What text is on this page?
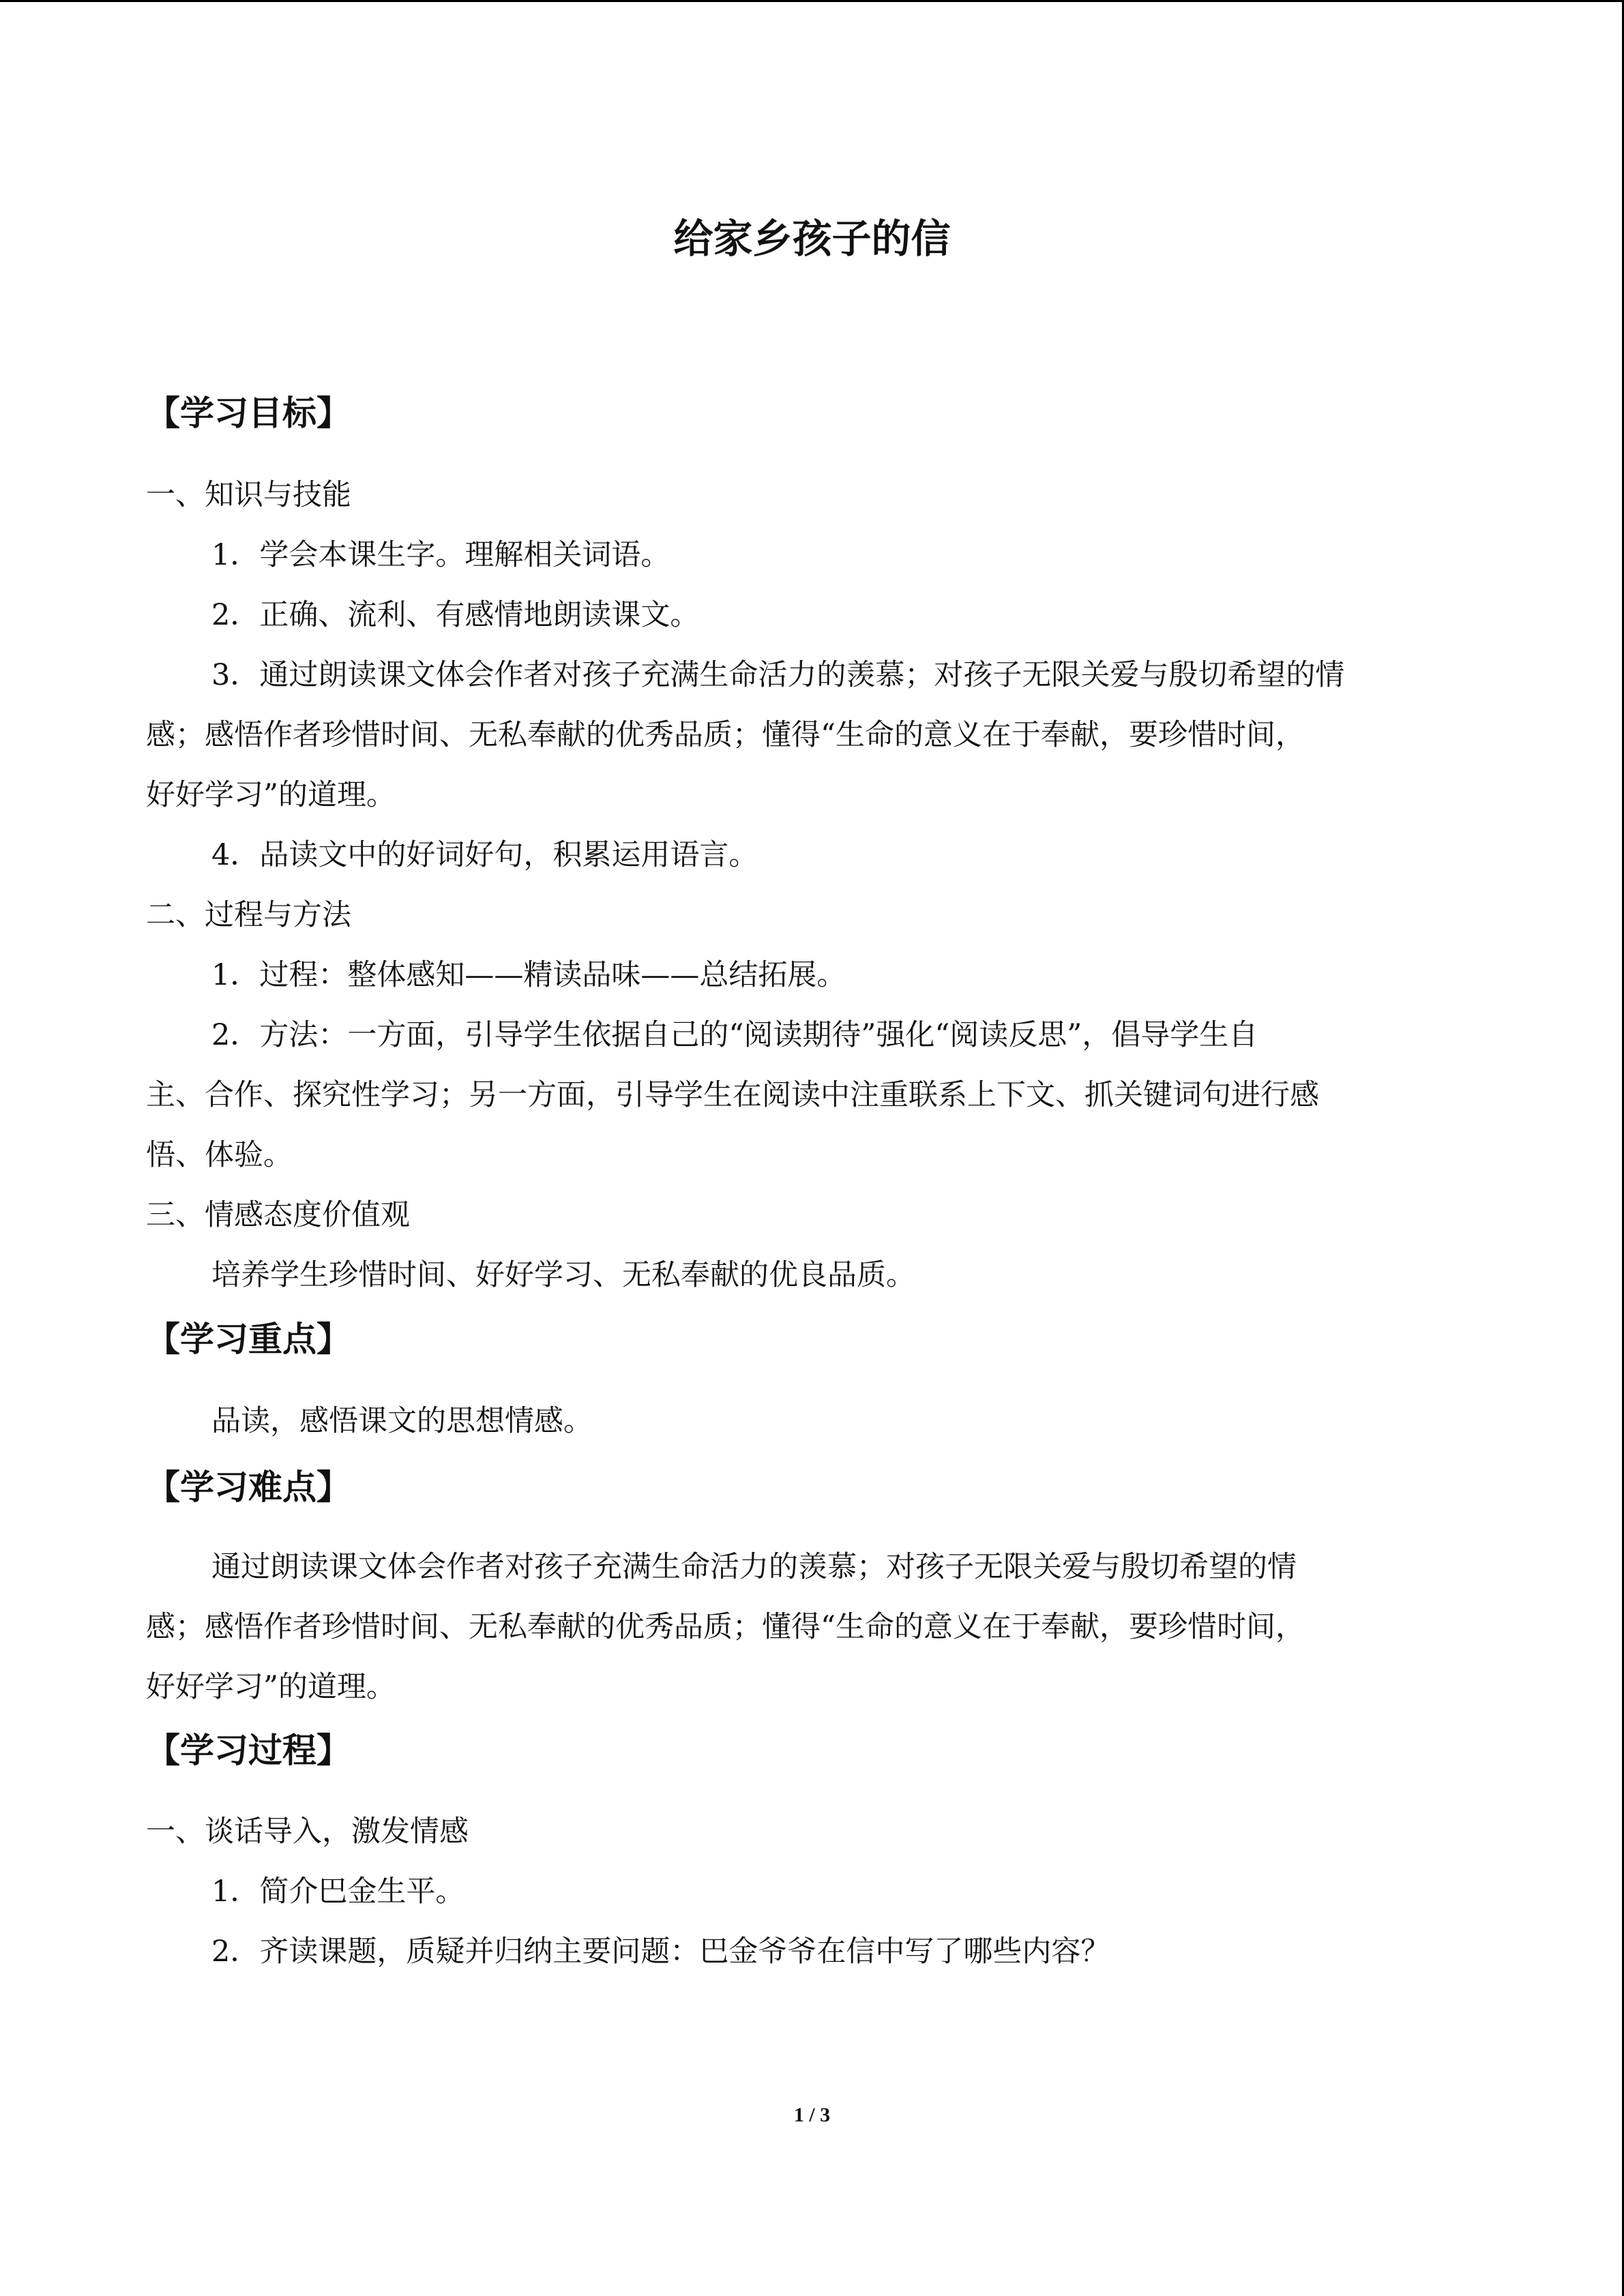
给家乡孩子的信
【学习目标】
一、知识与技能
1．学会本课生字。理解相关词语。
2．正确、流利、有感情地朗读课文。
3．通过朗读课文体会作者对孩子充满生命活力的羡慕；对孩子无限关爱与殷切希望的情
感；感悟作者珍惜时间、无私奉献的优秀品质；懂得“生命的意义在于奉献，要珍惜时间，
好好学习”的道理。
4．品读文中的好词好句，积累运用语言。
二、过程与方法
1．过程：整体感知——精读品味——总结拓展。
2．方法：一方面，引导学生依据自己的“阅读期待”强化“阅读反思”，倡导学生自
主、合作、探究性学习；另一方面，引导学生在阅读中注重联系上下文、抓关键词句进行感
悟、体验。
三、情感态度价值观
培养学生珍惜时间、好好学习、无私奉献的优良品质。
【学习重点】
品读，感悟课文的思想情感。
【学习难点】
通过朗读课文体会作者对孩子充满生命活力的羡慕；对孩子无限关爱与殷切希望的情
感；感悟作者珍惜时间、无私奉献的优秀品质；懂得“生命的意义在于奉献，要珍惜时间，
好好学习”的道理。
【学习过程】
一、谈话导入，激发情感
1．简介巴金生平。
2．齐读课题，质疑并归纳主要问题：巴金爷爷在信中写了哪些内容？
1 / 3
